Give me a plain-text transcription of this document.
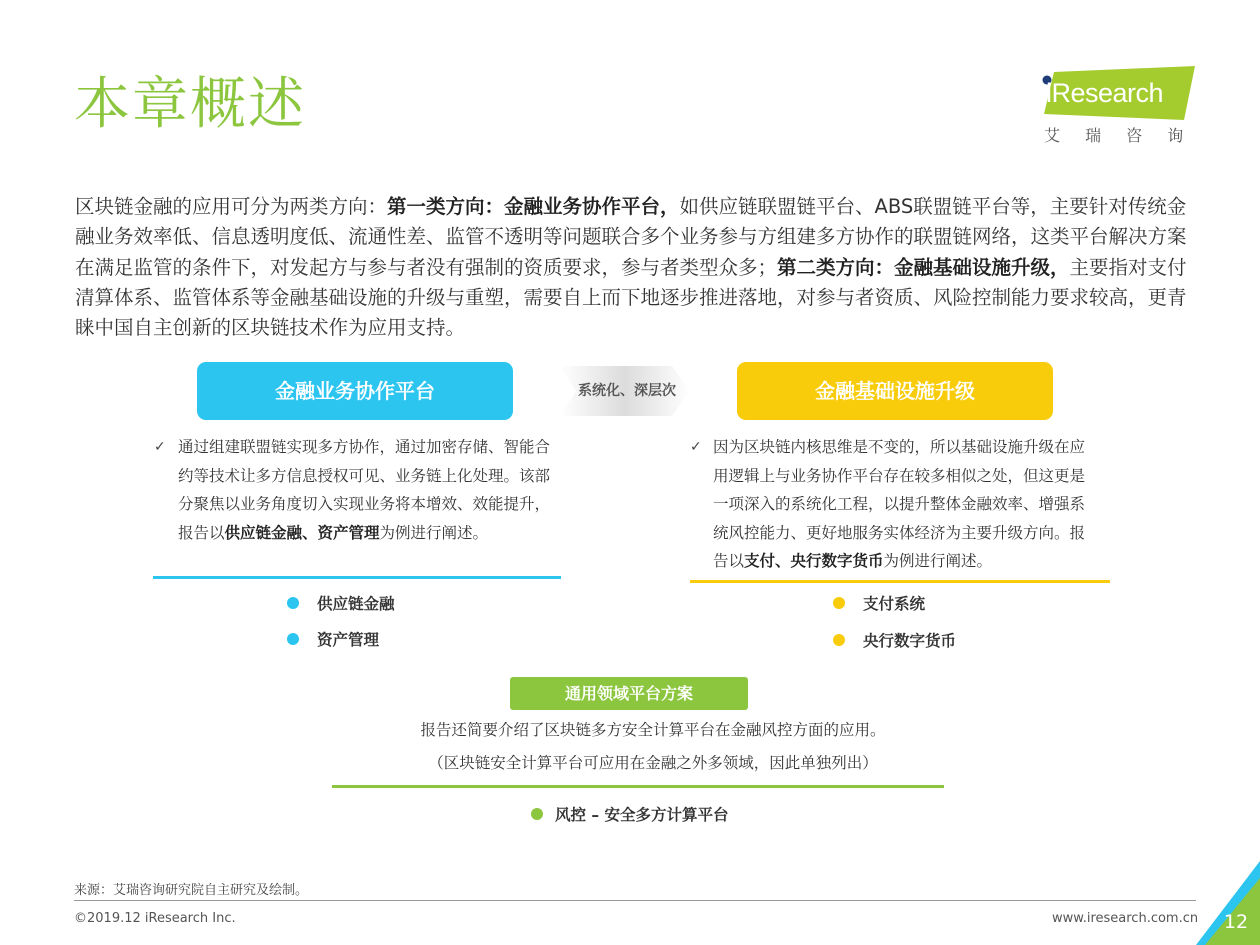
本章概述	iResearch
艾 瑞 咨 询
区块链金融的应用可分为两类方向：第一类方向：金融业务协作平台，如供应链联盟链平台、ABS联盟链平台等，主要针对传统金融业务效率低、信息透明度低、流通性差、监管不透明等问题联合多个业务参与方组建多方协作的联盟链网络，这类平台解决方案在满足监管的条件下，对发起方与参与者没有强制的资质要求，参与者类型众多；第二类方向：金融基础设施升级，主要指对支付清算体系、监管体系等金融基础设施的升级与重塑，需要自上而下地逐步推进落地，对参与者资质、风险控制能力要求较高，更青睐中国自主创新的区块链技术作为应用支持。
金融业务协作平台	系统化、深层次	金融基础设施升级
✓ 通过组建联盟链实现多方协作，通过加密存储、智能合约等技术让多方信息授权可见、业务链上化处理。该部分聚焦以业务角度切入实现业务将本增效、效能提升，报告以供应链金融、资产管理为例进行阐述。
✓ 因为区块链内核思维是不变的，所以基础设施升级在应用逻辑上与业务协作平台存在较多相似之处，但这更是一项深入的系统化工程，以提升整体金融效率、增强系统风控能力、更好地服务实体经济为主要升级方向。报告以支付、央行数字货币为例进行阐述。
供应链金融
资产管理
支付系统
央行数字货币
通用领域平台方案
报告还简要介绍了区块链多方安全计算平台在金融风控方面的应用。
（区块链安全计算平台可应用在金融之外多领域，因此单独列出）
风控 – 安全多方计算平台
来源：艾瑞咨询研究院自主研究及绘制。
©2019.12 iResearch Inc.	www.iresearch.com.cn	12
